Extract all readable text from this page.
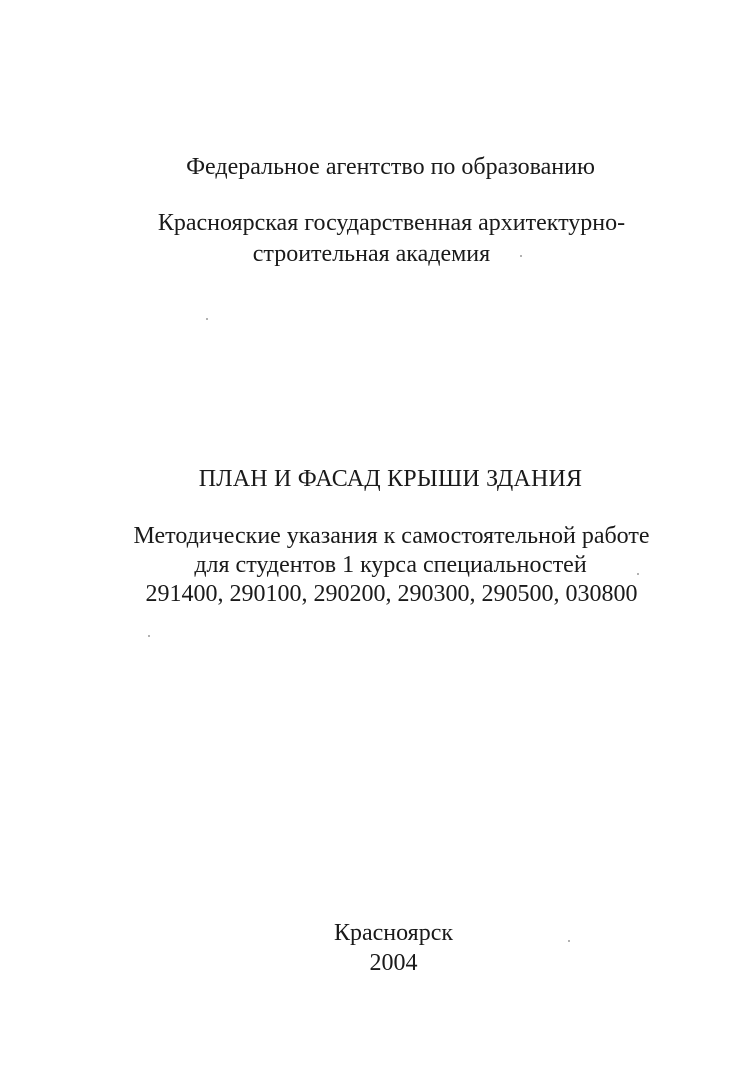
Федеральное агентство по образованию
Красноярская государственная архитектурно-
строительная академия
ПЛАН И ФАСАД КРЫШИ ЗДАНИЯ
Методические указания к самостоятельной работе
для студентов 1 курса специальностей
291400, 290100, 290200, 290300, 290500, 030800
Красноярск
2004
